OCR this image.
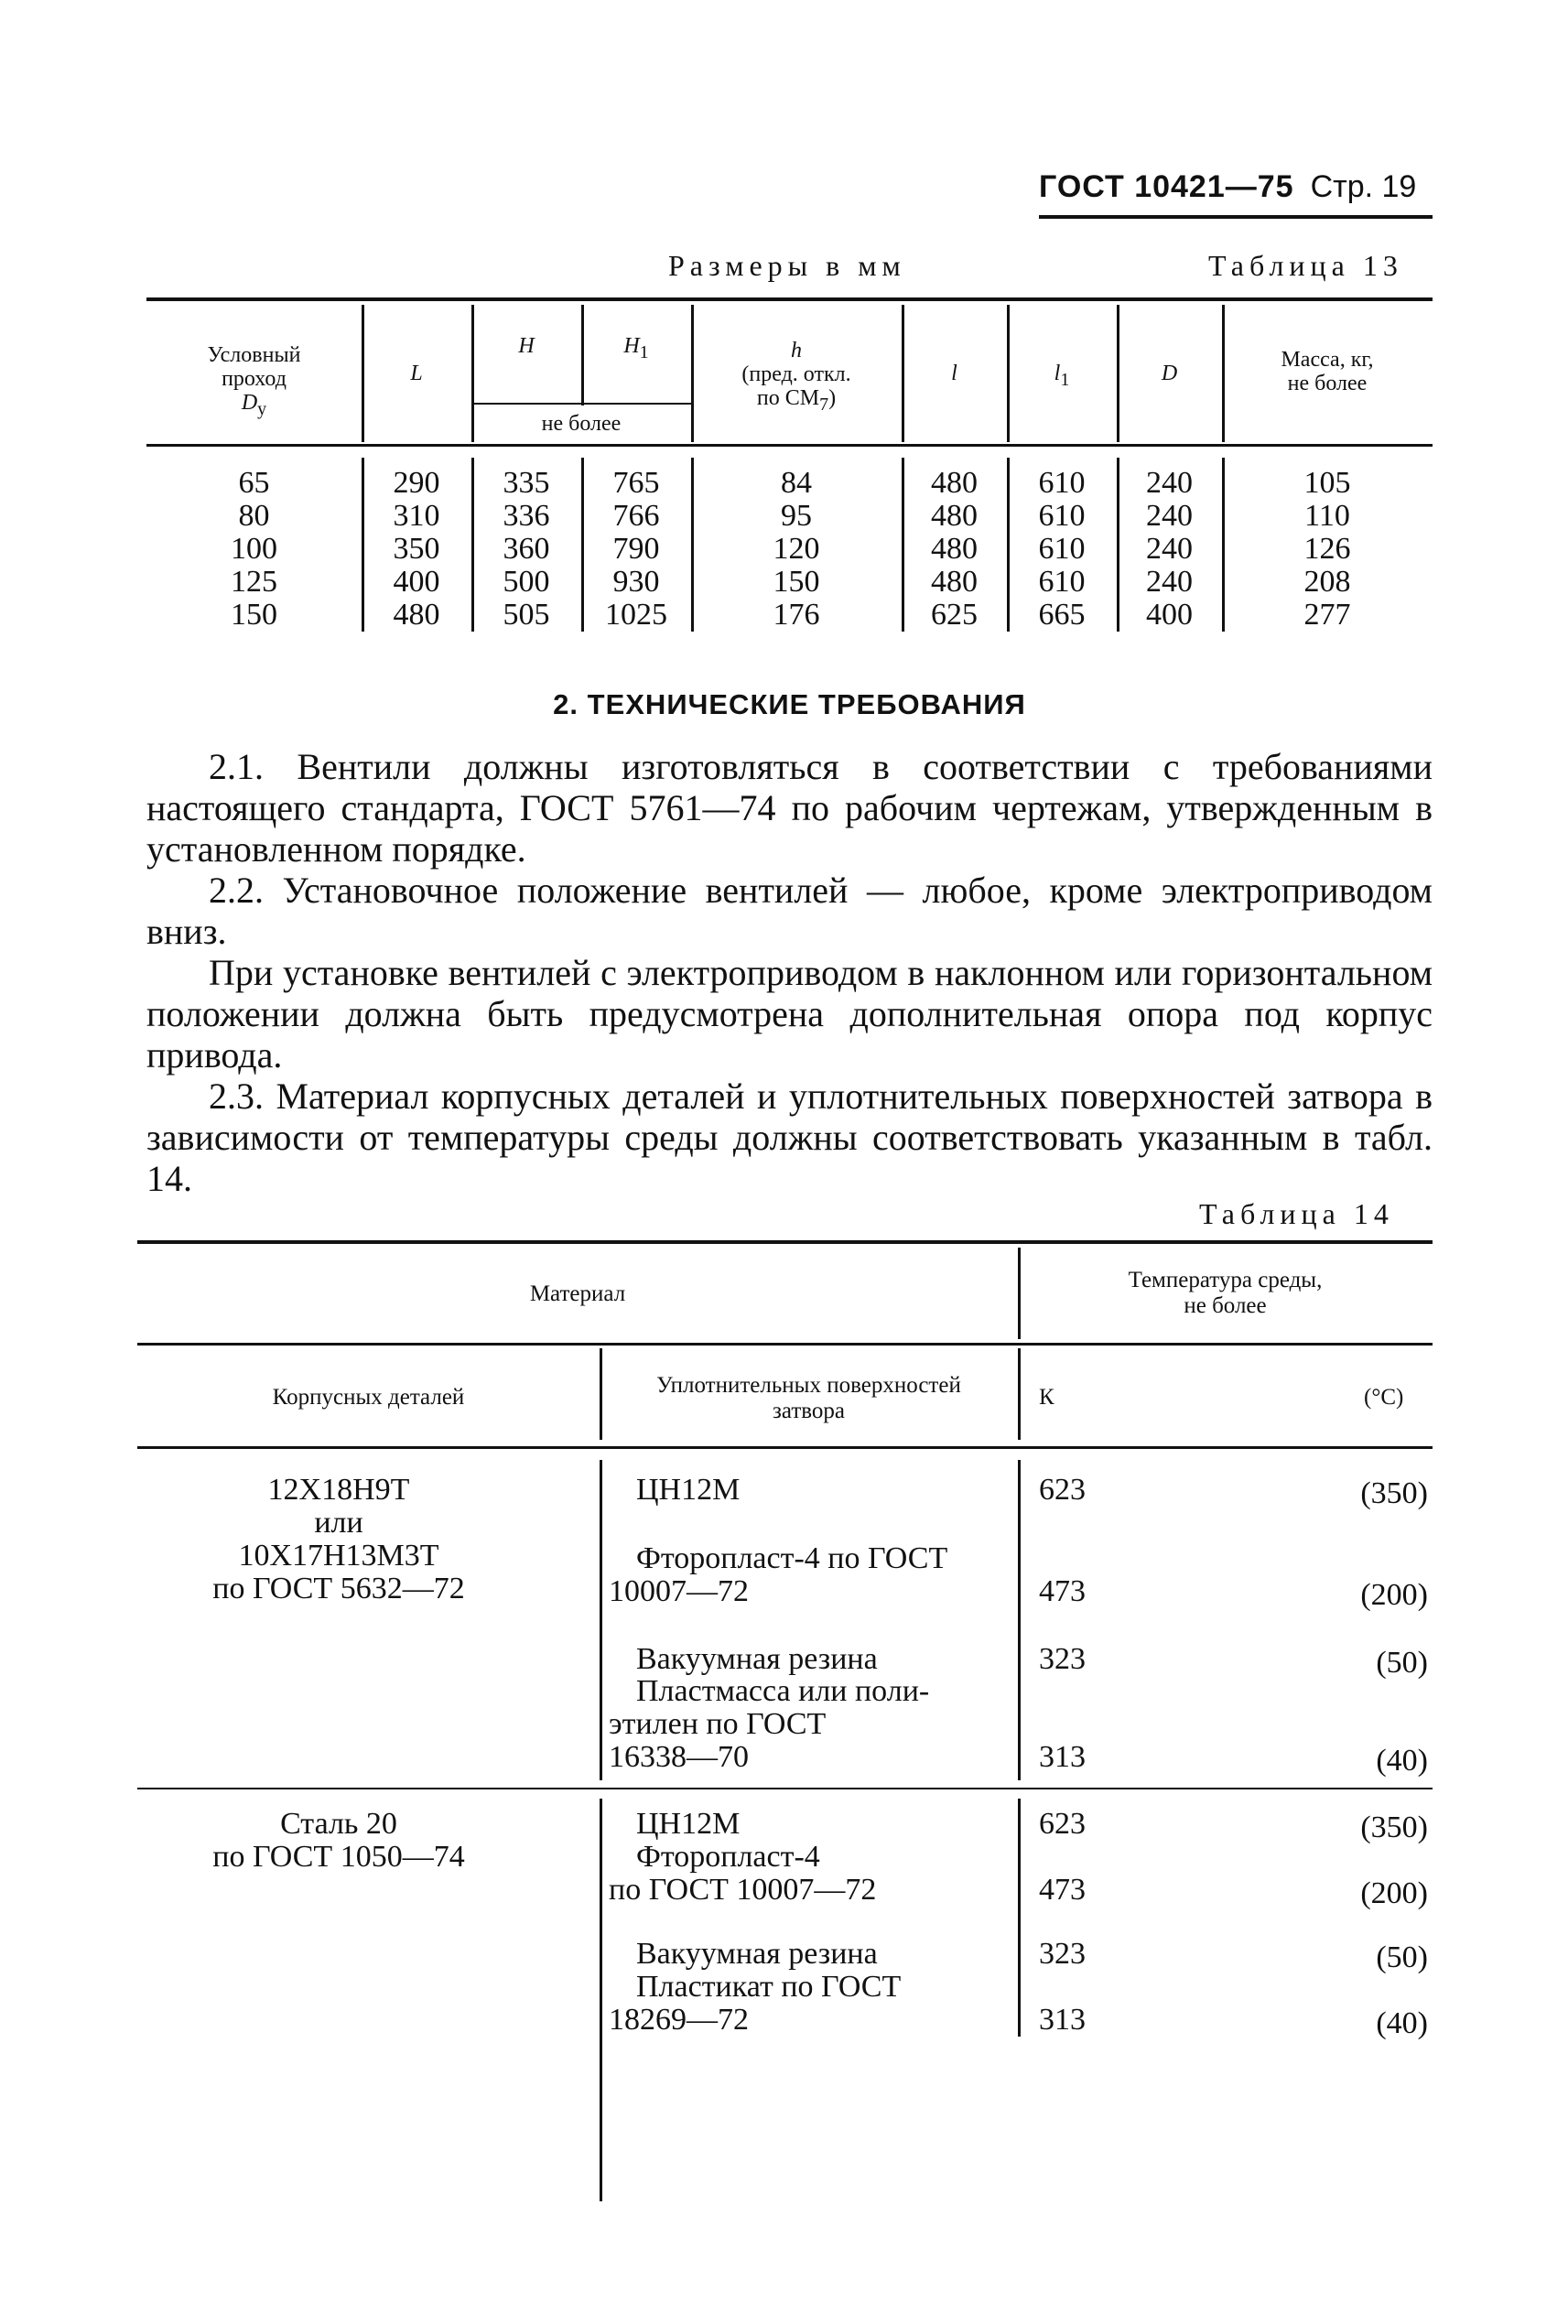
ГОСТ 10421—75 Стр. 19
Размеры в мм	Таблица 13
Условный
проход
$D_у$
L
H	$H_1$
не более
h
(пред. откл.
по $СМ_7$)
l	$l_1$	D
Масса, кг,
не более
65	290	335	765	84	480	610	240	105
80	310	336	766	95	480	610	240	110
100	350	360	790	120	480	610	240	126
125	400	500	930	150	480	610	240	208
150	480	505	1025	176	625	665	400	277
2. ТЕХНИЧЕСКИЕ ТРЕБОВАНИЯ
2.1. Вентили должны изготовляться в соответствии с требованиями настоящего стандарта, ГОСТ 5761—74 по рабочим чертежам, утвержденным в установленном порядке.
2.2. Установочное положение вентилей — любое, кроме электроприводом вниз.
При установке вентилей с электроприводом в наклонном или горизонтальном положении должна быть предусмотрена дополнительная опора под корпус привода.
2.3. Материал корпусных деталей и уплотнительных поверхностей затвора в зависимости от температуры среды должны соответствовать указанным в табл. 14.
Таблица 14
Материал
Температура среды,
не более
Корпусных деталей	Уплотнительных поверхностей
затвора
К	(°С)
12Х18Н9Т
или
10Х17Н13М3Т
по ГОСТ 5632—72
ЦН12М	623	(350)
Фторопласт-4 по ГОСТ
10007—72	473	(200)
Вакуумная резина	323	(50)
Пластмасса или поли-
этилен по ГОСТ
16338—70	313	(40)
Сталь 20
по ГОСТ 1050—74
ЦН12М	623	(350)
Фторопласт-4
по ГОСТ 10007—72	473	(200)
Вакуумная резина	323	(50)
Пластикат по ГОСТ
18269—72	313	(40)
